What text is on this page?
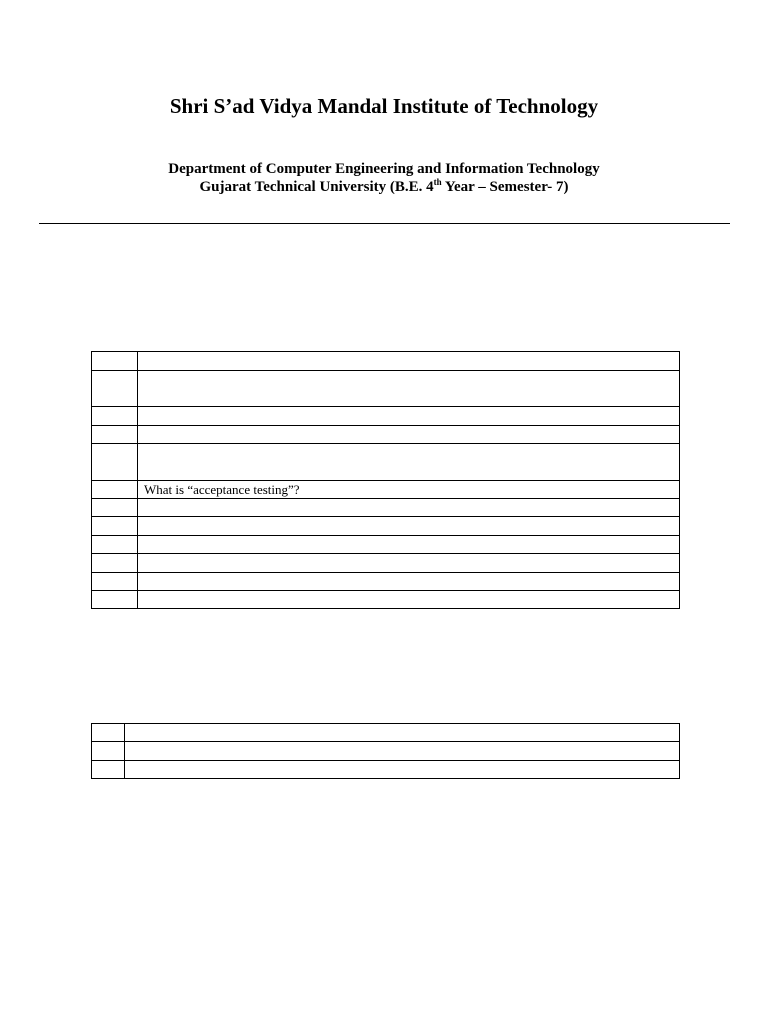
Shri S’ad Vidya Mandal Institute of Technology
Department of Computer Engineering and Information Technology
Gujarat Technical University (B.E. 4th Year – Semester- 7)

	What is “acceptance testing”?
